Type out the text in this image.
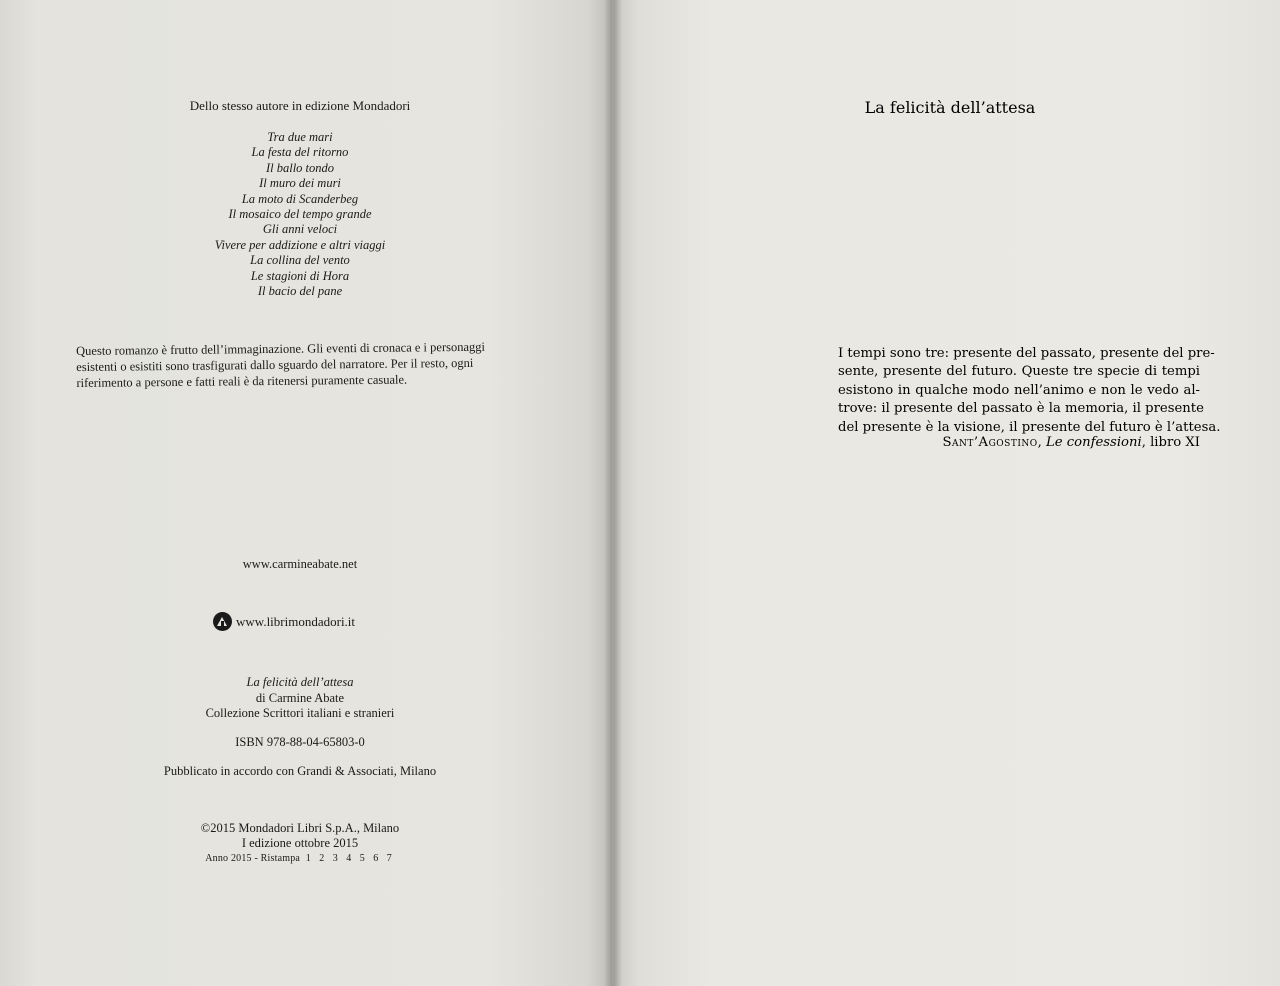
Dello stesso autore in edizione Mondadori
Tra due mari
La festa del ritorno
Il ballo tondo
Il muro dei muri
La moto di Scanderbeg
Il mosaico del tempo grande
Gli anni veloci
Vivere per addizione e altri viaggi
La collina del vento
Le stagioni di Hora
Il bacio del pane
Questo romanzo è frutto dell’immaginazione. Gli eventi di cronaca e i personaggi esistenti o esistiti sono trasfigurati dallo sguardo del narratore. Per il resto, ogni riferimento a persone e fatti reali è da ritenersi puramente casuale.
www.carmineabate.net
www.librimondadori.it
La felicità dell’attesa
di Carmine Abate
Collezione Scrittori italiani e stranieri
ISBN 978-88-04-65803-0
Pubblicato in accordo con Grandi & Associati, Milano
©2015 Mondadori Libri S.p.A., Milano
I edizione ottobre 2015
Anno 2015 - Ristampa 1 2 3 4 5 6 7
La felicità dell’attesa
I tempi sono tre: presente del passato, presente del pre-
sente, presente del futuro. Queste tre specie di tempi
esistono in qualche modo nell’animo e non le vedo al-
trove: il presente del passato è la memoria, il presente
del presente è la visione, il presente del futuro è l’attesa.
Sant’Agostino, Le confessioni, libro XI
